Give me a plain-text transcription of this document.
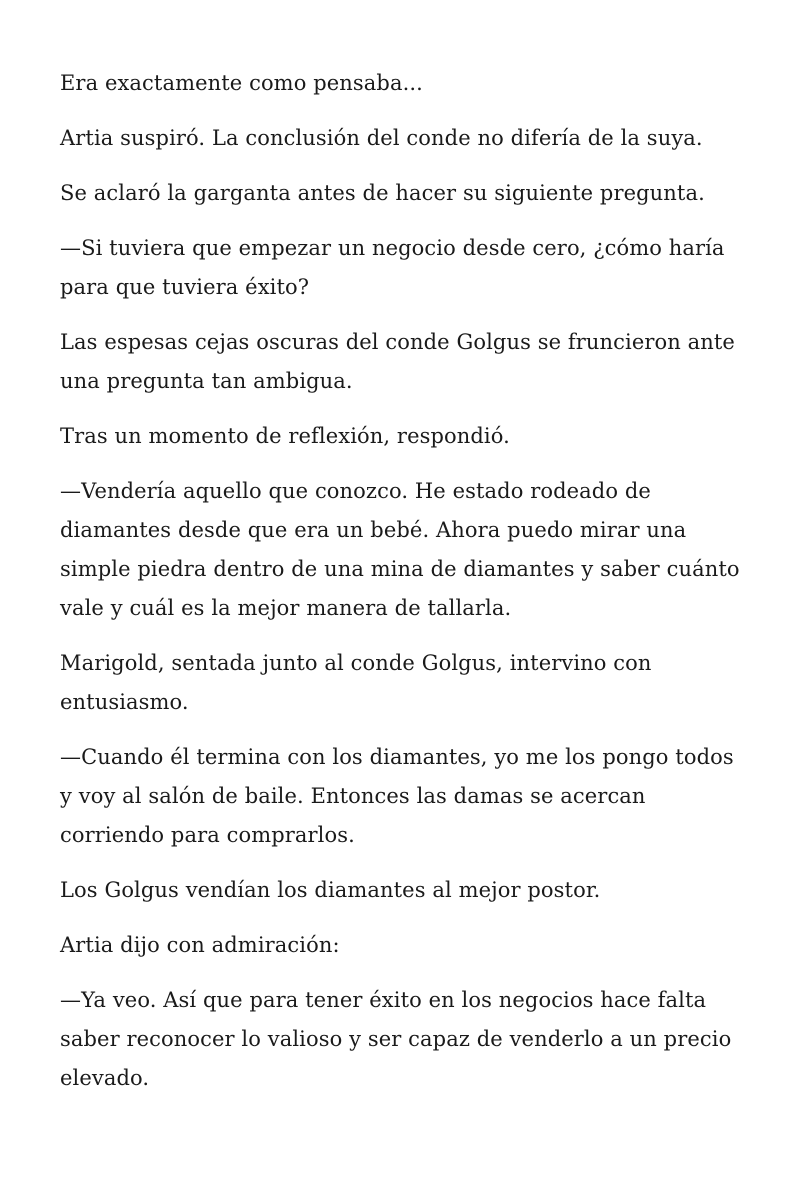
Era exactamente como pensaba...

Artia suspiró. La conclusión del conde no difería de la suya.

Se aclaró la garganta antes de hacer su siguiente pregunta.

—Si tuviera que empezar un negocio desde cero, ¿cómo haría para que tuviera éxito?

Las espesas cejas oscuras del conde Golgus se fruncieron ante una pregunta tan ambigua.

Tras un momento de reflexión, respondió.

—Vendería aquello que conozco. He estado rodeado de diamantes desde que era un bebé. Ahora puedo mirar una simple piedra dentro de una mina de diamantes y saber cuánto vale y cuál es la mejor manera de tallarla.

Marigold, sentada junto al conde Golgus, intervino con entusiasmo.

—Cuando él termina con los diamantes, yo me los pongo todos y voy al salón de baile. Entonces las damas se acercan corriendo para comprarlos.

Los Golgus vendían los diamantes al mejor postor.

Artia dijo con admiración:

—Ya veo. Así que para tener éxito en los negocios hace falta saber reconocer lo valioso y ser capaz de venderlo a un precio elevado.
